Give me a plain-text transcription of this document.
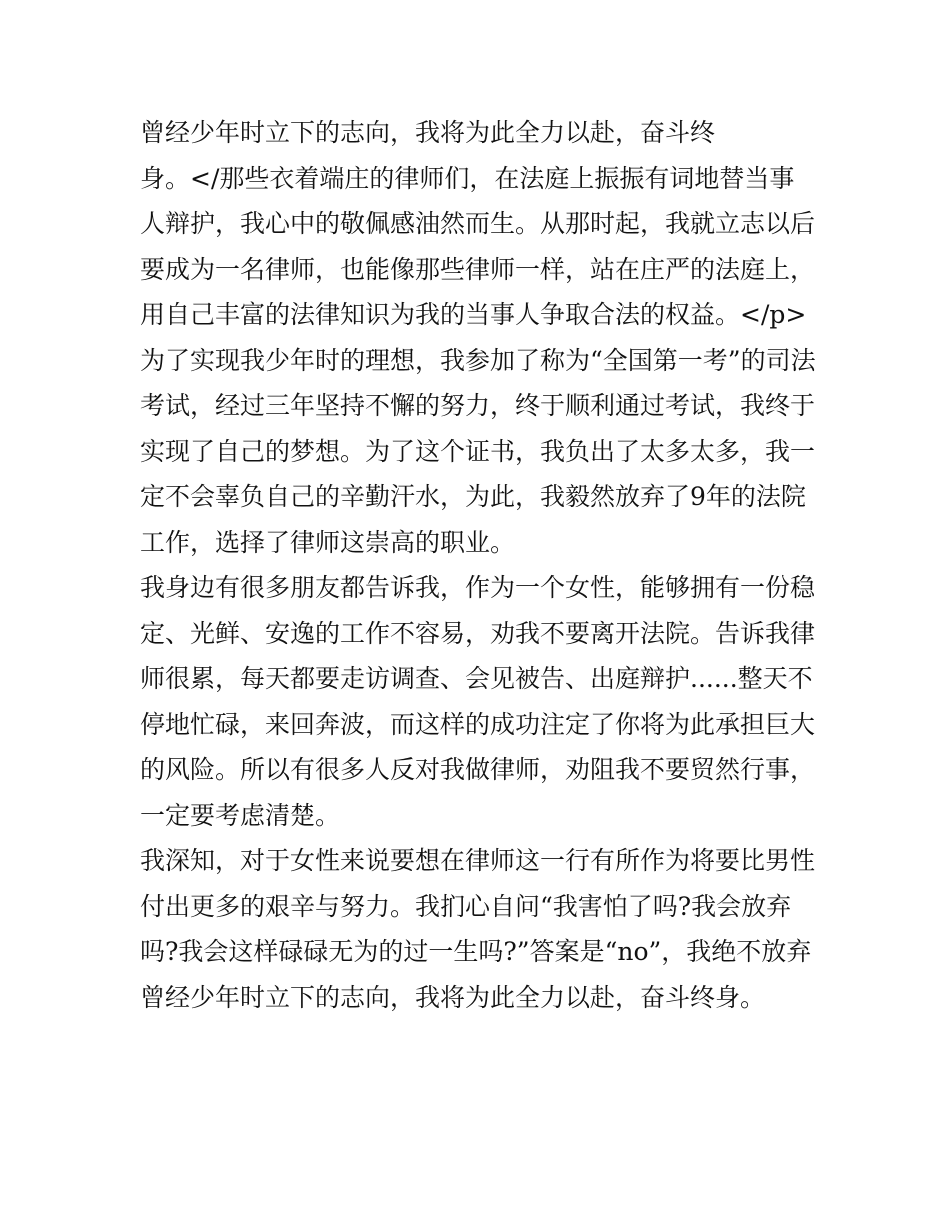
曾经少年时立下的志向，我将为此全力以赴，奋斗终

身。</那些衣着端庄的律师们，在法庭上振振有词地替当事

人辩护，我心中的敬佩感油然而生。从那时起，我就立志以后

要成为一名律师，也能像那些律师一样，站在庄严的法庭上，

用自己丰富的法律知识为我的当事人争取合法的权益。</p>

为了实现我少年时的理想，我参加了称为“全国第一考”的司法

考试，经过三年坚持不懈的努力，终于顺利通过考试，我终于

实现了自己的梦想。为了这个证书，我负出了太多太多，我一

定不会辜负自己的辛勤汗水，为此，我毅然放弃了9年的法院

工作，选择了律师这崇高的职业。

我身边有很多朋友都告诉我，作为一个女性，能够拥有一份稳

定、光鲜、安逸的工作不容易，劝我不要离开法院。告诉我律

师很累，每天都要走访调查、会见被告、出庭辩护......整天不

停地忙碌，来回奔波，而这样的成功注定了你将为此承担巨大

的风险。所以有很多人反对我做律师，劝阻我不要贸然行事，

一定要考虑清楚。

我深知，对于女性来说要想在律师这一行有所作为将要比男性

付出更多的艰辛与努力。我扪心自问“我害怕了吗?我会放弃

吗?我会这样碌碌无为的过一生吗?”答案是“no”，我绝不放弃

曾经少年时立下的志向，我将为此全力以赴，奋斗终身。
